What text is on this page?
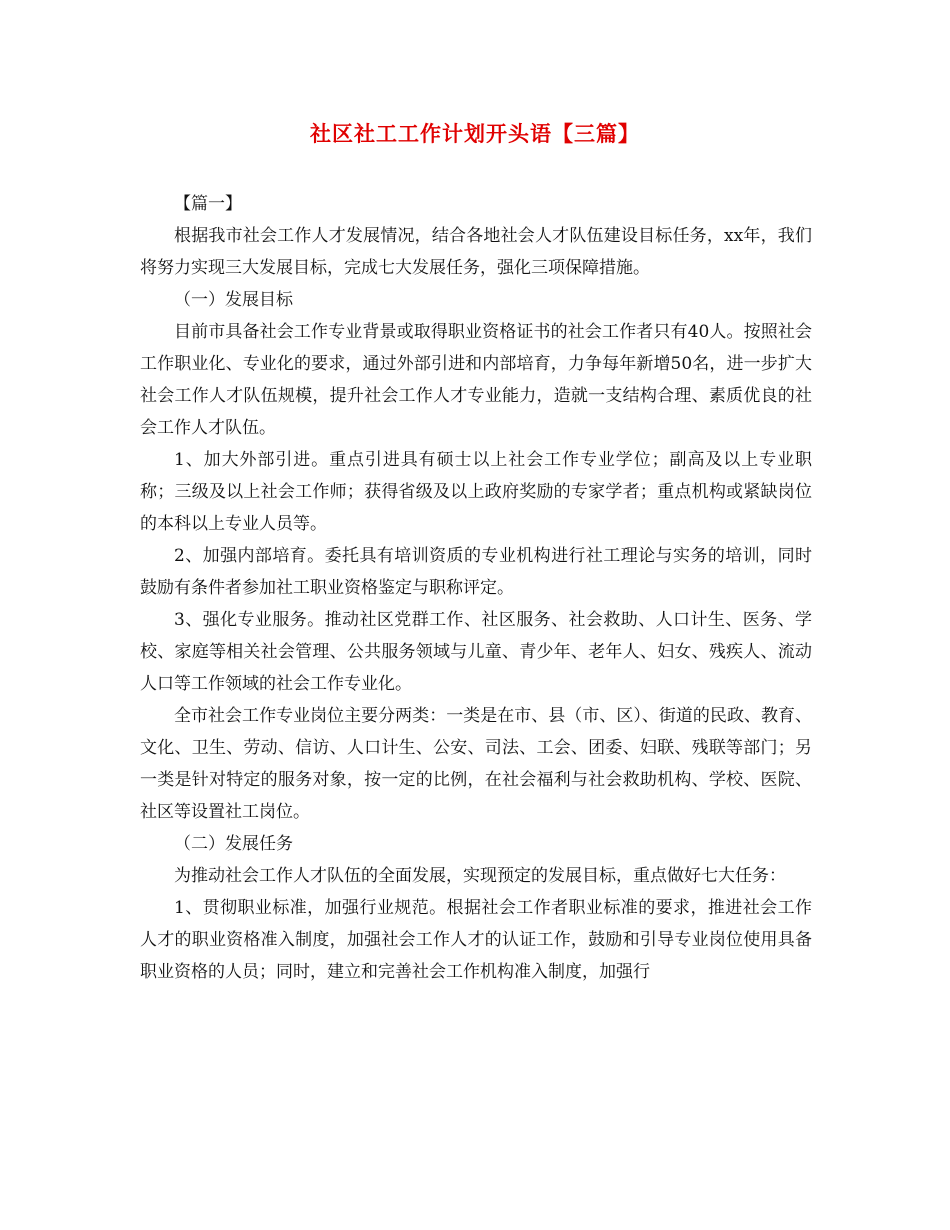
社区社工工作计划开头语【三篇】

【篇一】

根据我市社会工作人才发展情况，结合各地社会人才队伍建设目标任务，xx年，我们将努力实现三大发展目标，完成七大发展任务，强化三项保障措施。

（一）发展目标

目前市具备社会工作专业背景或取得职业资格证书的社会工作者只有40人。按照社会工作职业化、专业化的要求，通过外部引进和内部培育，力争每年新增50名，进一步扩大社会工作人才队伍规模，提升社会工作人才专业能力，造就一支结构合理、素质优良的社会工作人才队伍。

1、加大外部引进。重点引进具有硕士以上社会工作专业学位；副高及以上专业职称；三级及以上社会工作师；获得省级及以上政府奖励的专家学者；重点机构或紧缺岗位的本科以上专业人员等。

2、加强内部培育。委托具有培训资质的专业机构进行社工理论与实务的培训，同时鼓励有条件者参加社工职业资格鉴定与职称评定。

3、强化专业服务。推动社区党群工作、社区服务、社会救助、人口计生、医务、学校、家庭等相关社会管理、公共服务领域与儿童、青少年、老年人、妇女、残疾人、流动人口等工作领域的社会工作专业化。

全市社会工作专业岗位主要分两类：一类是在市、县（市、区）、街道的民政、教育、文化、卫生、劳动、信访、人口计生、公安、司法、工会、团委、妇联、残联等部门；另一类是针对特定的服务对象，按一定的比例，在社会福利与社会救助机构、学校、医院、社区等设置社工岗位。

（二）发展任务

为推动社会工作人才队伍的全面发展，实现预定的发展目标，重点做好七大任务：

1、贯彻职业标准，加强行业规范。根据社会工作者职业标准的要求，推进社会工作人才的职业资格准入制度，加强社会工作人才的认证工作，鼓励和引导专业岗位使用具备职业资格的人员；同时，建立和完善社会工作机构准入制度，加强行
